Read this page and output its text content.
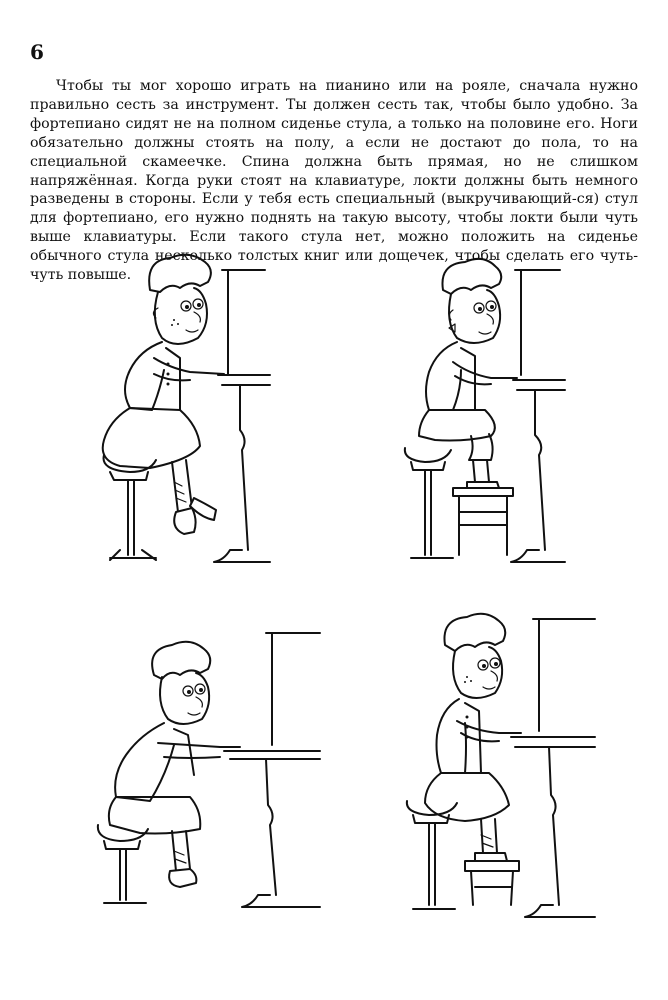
6

Чтобы ты мог хорошо играть на пианино или на рояле, сначала нужно правильно сесть за инструмент. Ты должен сесть так, чтобы было удобно. За фортепиано сидят не на полном сиденье стула, а только на половине его. Ноги обязательно должны стоять на полу, а если не достают до пола, то на специальной скамеечке. Спина должна быть прямая, но не слишком напряжённая. Когда руки стоят на клавиатуре, локти должны быть немного разведены в стороны. Если у тебя есть специальный (выкручивающий-ся) стул для фортепиано, его нужно поднять на такую высоту, чтобы локти были чуть выше клавиатуры. Если такого стула нет, можно положить на сиденье обычного стула несколько толстых книг или дощечек, чтобы сделать его чуть-чуть повыше.
